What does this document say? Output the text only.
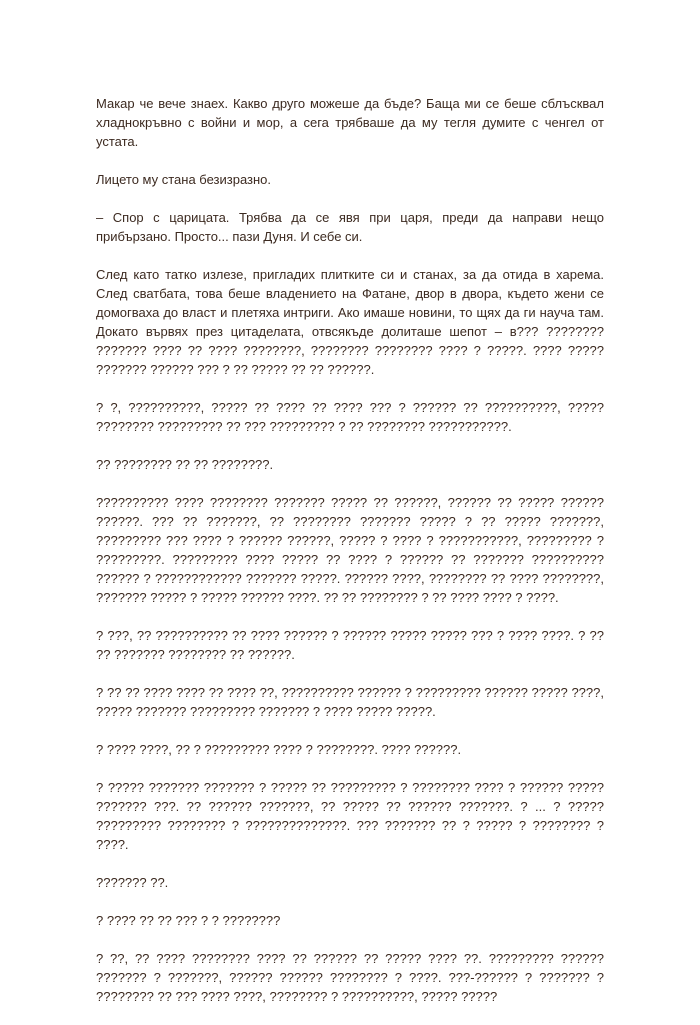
Макар че вече знаех. Какво друго можеше да бъде? Баща ми се беше сблъсквал хладнокръвно с войни и мор, а сега трябваше да му тегля думите с ченгел от устата.

Лицето му стана безизразно.

– Спор с царицата. Трябва да се явя при царя, преди да направи нещо прибързано. Просто... пази Дуня. И себе си.

След като татко излезе, пригладих плитките си и станах, за да отида в харема. След сватбата, това беше владението на Фатане, двор в двора, където жени се домогваха до власт и плетяха интриги. Ако имаше новини, то щях да ги науча там. Докато вървях през цитаделата, отвсякъде долиташе шепот – в??? ???????? ??????? ???? ?? ???? ????????, ???????? ???????? ???? ? ?????. ???? ????? ??????? ?????? ??? ? ?? ????? ?? ?? ??????.

? ?, ??????????, ????? ?? ???? ?? ???? ??? ? ?????? ?? ??????????, ????? ???????? ????????? ?? ??? ????????? ? ?? ???????? ???????????.

?? ???????? ?? ?? ????????.

?????????? ???? ???????? ??????? ????? ?? ??????, ?????? ?? ????? ?????? ??????. ??? ?? ???????, ?? ???????? ??????? ????? ? ?? ????? ???????, ????????? ??? ???? ? ?????? ??????, ????? ? ???? ? ???????????, ????????? ? ?????????. ????????? ???? ????? ?? ???? ? ?????? ?? ??????? ?????????? ?????? ? ???????????? ??????? ?????. ?????? ????, ???????? ?? ???? ????????, ??????? ????? ? ????? ?????? ????. ?? ?? ???????? ? ?? ???? ???? ? ????.

? ???, ?? ?????????? ?? ???? ?????? ? ?????? ????? ????? ??? ? ???? ????. ? ?? ?? ??????? ???????? ?? ??????.

? ?? ?? ???? ???? ?? ???? ??, ?????????? ?????? ? ????????? ?????? ????? ????, ????? ??????? ????????? ??????? ? ???? ????? ?????.

? ???? ????, ?? ? ????????? ???? ? ????????. ???? ??????.

? ????? ??????? ??????? ? ????? ?? ????????? ? ???????? ???? ? ?????? ????? ??????? ???. ?? ?????? ???????, ?? ????? ?? ?????? ???????. ? ... ? ????? ????????? ???????? ? ??????????????. ??? ??????? ?? ? ????? ? ???????? ? ????.

??????? ??.

? ???? ?? ?? ??? ? ? ????????

? ??, ?? ???? ???????? ???? ?? ?????? ?? ????? ???? ??. ????????? ?????? ??????? ? ???????, ?????? ?????? ???????? ? ????. ???-?????? ? ??????? ? ???????? ?? ??? ???? ????, ???????? ? ??????????, ????? ?????
